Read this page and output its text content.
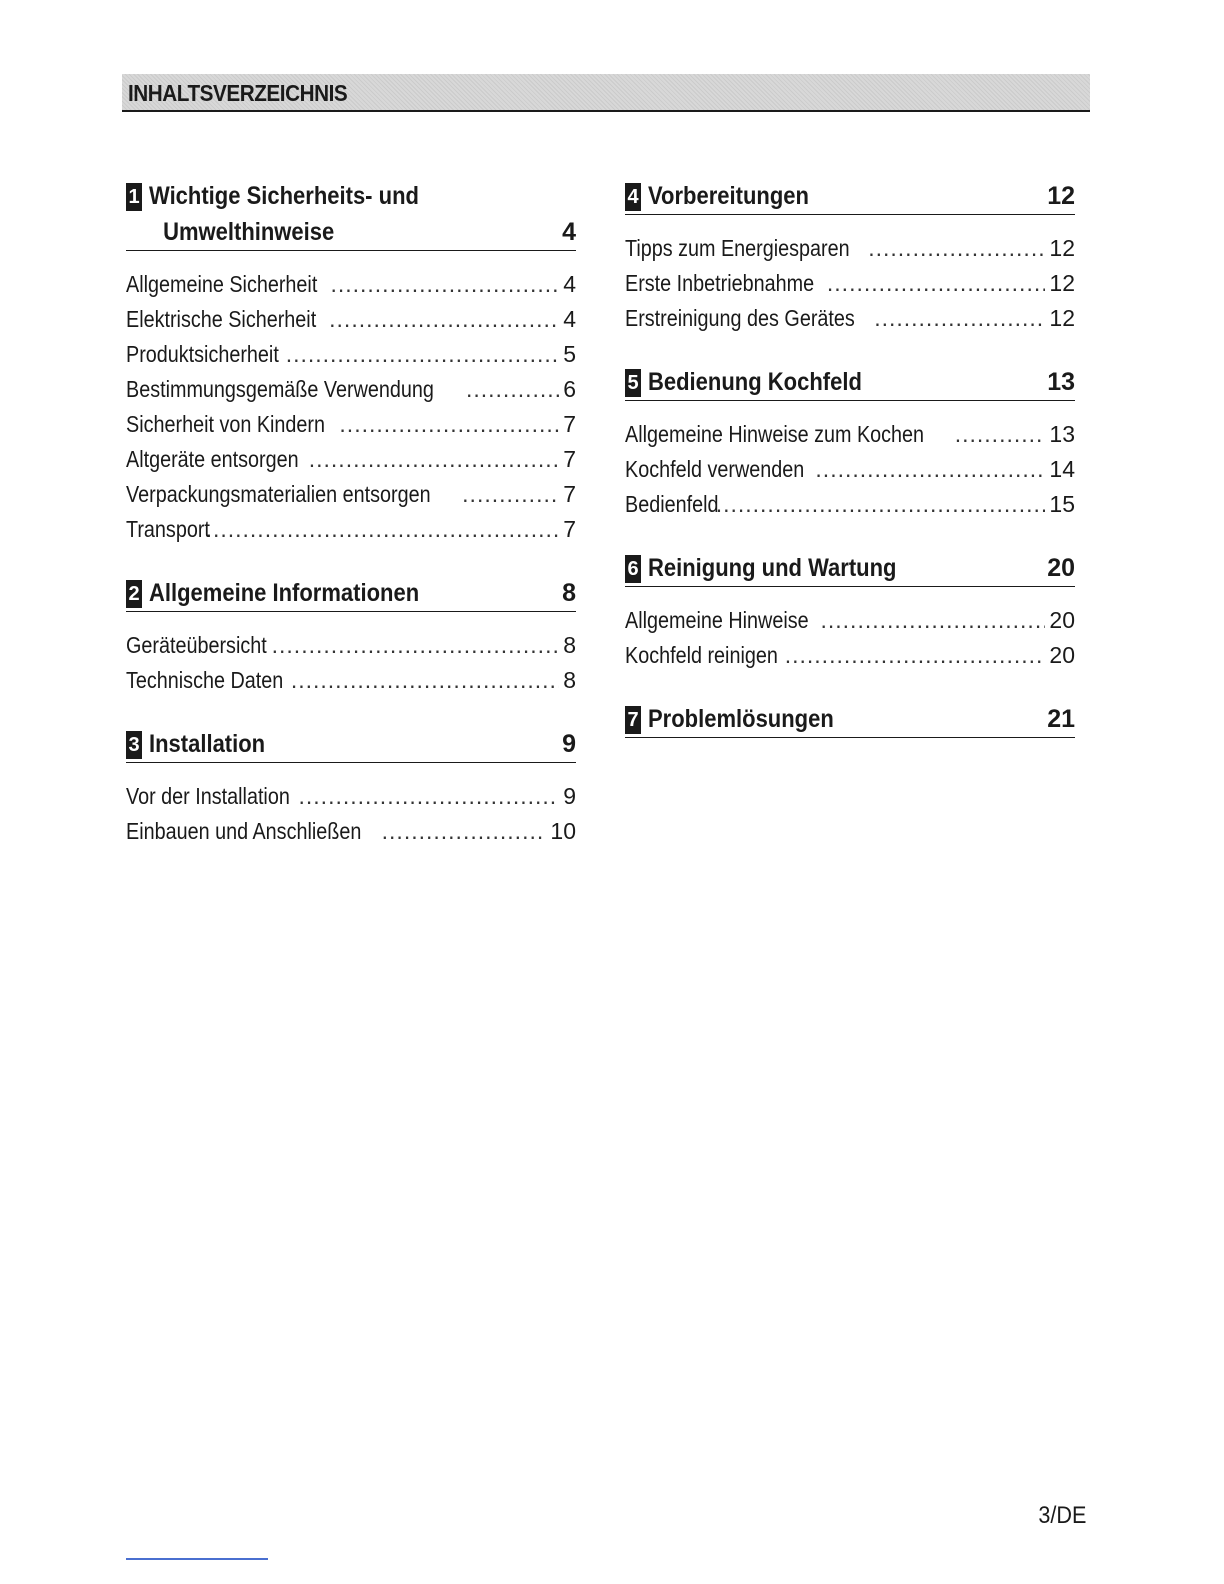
INHALTSVERZEICHNIS
1 Wichtige Sicherheits- und
Umwelthinweise	4
Allgemeine Sicherheit .....	4
Elektrische Sicherheit .....	4
Produktsicherheit .....	5
Bestimmungsgemäße Verwendung .....	6
Sicherheit von Kindern .....	7
Altgeräte entsorgen .....	7
Verpackungsmaterialien entsorgen .....	7
Transport .....	7
2 Allgemeine Informationen	8
Geräteübersicht .....	8
Technische Daten .....	8
3 Installation	9
Vor der Installation .....	9
Einbauen und Anschließen .....	10
4 Vorbereitungen	12
Tipps zum Energiesparen .....	12
Erste Inbetriebnahme .....	12
Erstreinigung des Gerätes .....	12
5 Bedienung Kochfeld	13
Allgemeine Hinweise zum Kochen .....	13
Kochfeld verwenden .....	14
Bedienfeld .....	15
6 Reinigung und Wartung	20
Allgemeine Hinweise .....	20
Kochfeld reinigen .....	20
7 Problemlösungen	21
3/DE
